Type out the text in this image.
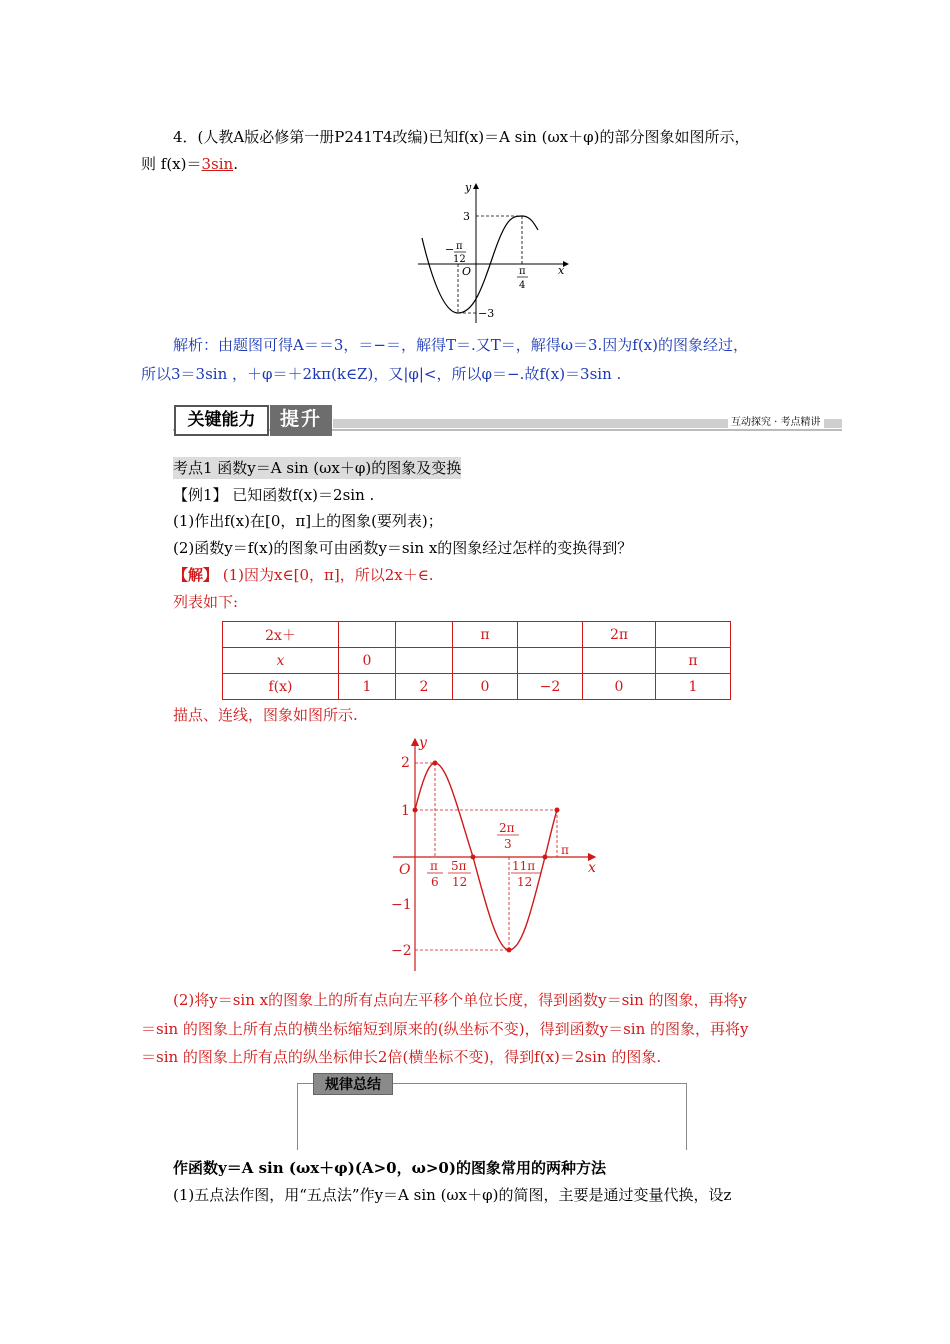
4．(人教A版必修第一册P241T4改编)已知f(x)＝A sin (ωx＋φ)的部分图象如图所示，
则 f(x)＝3sin.
y
x
O
3
−3
− π
12
π
4
解析：由题图可得A＝＝3，＝−＝，解得T＝.又T＝，解得ω＝3.因为f(x)的图象经过，
所以3＝3sin ，＋φ＝＋2kπ(k∈Z)，又|φ|<，所以φ＝−.故f(x)＝3sin .
关键能力	提升	互动探究 · 考点精讲
考点1 函数y＝A sin (ωx＋φ)的图象及变换
【例1】 已知函数f(x)＝2sin .
(1)作出f(x)在[0，π]上的图象(要列表)；
(2)函数y＝f(x)的图象可由函数y＝sin x的图象经过怎样的变换得到？
【解】 (1)因为x∈[0，π]，所以2x＋∈.
列表如下:
2x＋			π		2π	
x	0					π
f(x)	1	2	0	−2	0	1
描点、连线，图象如图所示.
y
x
O
2
1
−1
−2
π
6
5π
12
2π
3
11π
12
π
(2)将y＝sin x的图象上的所有点向左平移个单位长度，得到函数y＝sin 的图象，再将y
＝sin 的图象上所有点的横坐标缩短到原来的(纵坐标不变)，得到函数y＝sin 的图象，再将y
＝sin 的图象上所有点的纵坐标伸长2倍(横坐标不变)，得到f(x)＝2sin 的图象.
规律总结
作函数y＝A sin (ωx＋φ)(A>0，ω>0)的图象常用的两种方法
(1)五点法作图，用“五点法”作y＝A sin (ωx＋φ)的简图，主要是通过变量代换，设z
